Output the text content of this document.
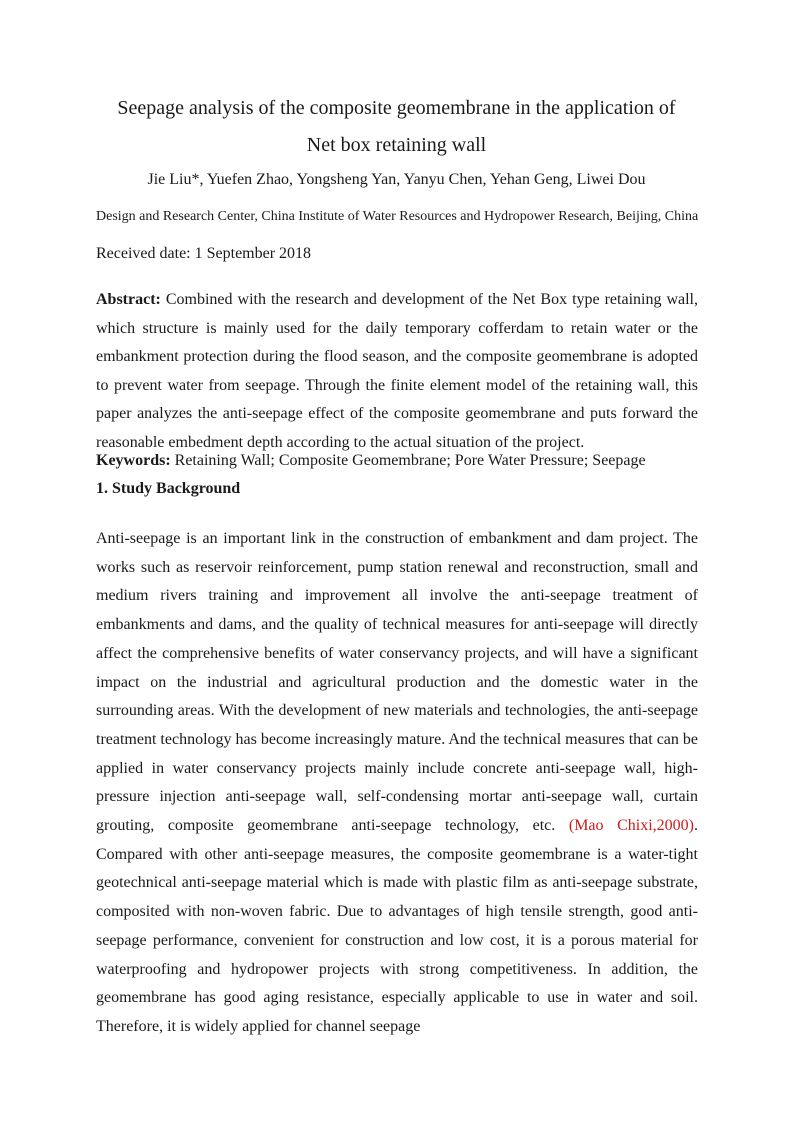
Seepage analysis of the composite geomembrane in the application of
Net box retaining wall

Jie Liu*, Yuefen Zhao, Yongsheng Yan, Yanyu Chen, Yehan Geng, Liwei Dou

Design and Research Center, China Institute of Water Resources and Hydropower Research, Beijing, China

Received date: 1 September 2018

Abstract: Combined with the research and development of the Net Box type retaining wall, which structure is mainly used for the daily temporary cofferdam to retain water or the embankment protection during the flood season, and the composite geomembrane is adopted to prevent water from seepage. Through the finite element model of the retaining wall, this paper analyzes the anti-seepage effect of the composite geomembrane and puts forward the reasonable embedment depth according to the actual situation of the project.

Keywords: Retaining Wall; Composite Geomembrane; Pore Water Pressure; Seepage

1. Study Background

Anti-seepage is an important link in the construction of embankment and dam project. The works such as reservoir reinforcement, pump station renewal and reconstruction, small and medium rivers training and improvement all involve the anti-seepage treatment of embankments and dams, and the quality of technical measures for anti-seepage will directly affect the comprehensive benefits of water conservancy projects, and will have a significant impact on the industrial and agricultural production and the domestic water in the surrounding areas. With the development of new materials and technologies, the anti-seepage treatment technology has become increasingly mature. And the technical measures that can be applied in water conservancy projects mainly include concrete anti-seepage wall, high-pressure injection anti-seepage wall, self-condensing mortar anti-seepage wall, curtain grouting, composite geomembrane anti-seepage technology, etc. (Mao Chixi,2000). Compared with other anti-seepage measures, the composite geomembrane is a water-tight geotechnical anti-seepage material which is made with plastic film as anti-seepage substrate, composited with non-woven fabric. Due to advantages of high tensile strength, good anti-seepage performance, convenient for construction and low cost, it is a porous material for waterproofing and hydropower projects with strong competitiveness. In addition, the geomembrane has good aging resistance, especially applicable to use in water and soil. Therefore, it is widely applied for channel seepage
